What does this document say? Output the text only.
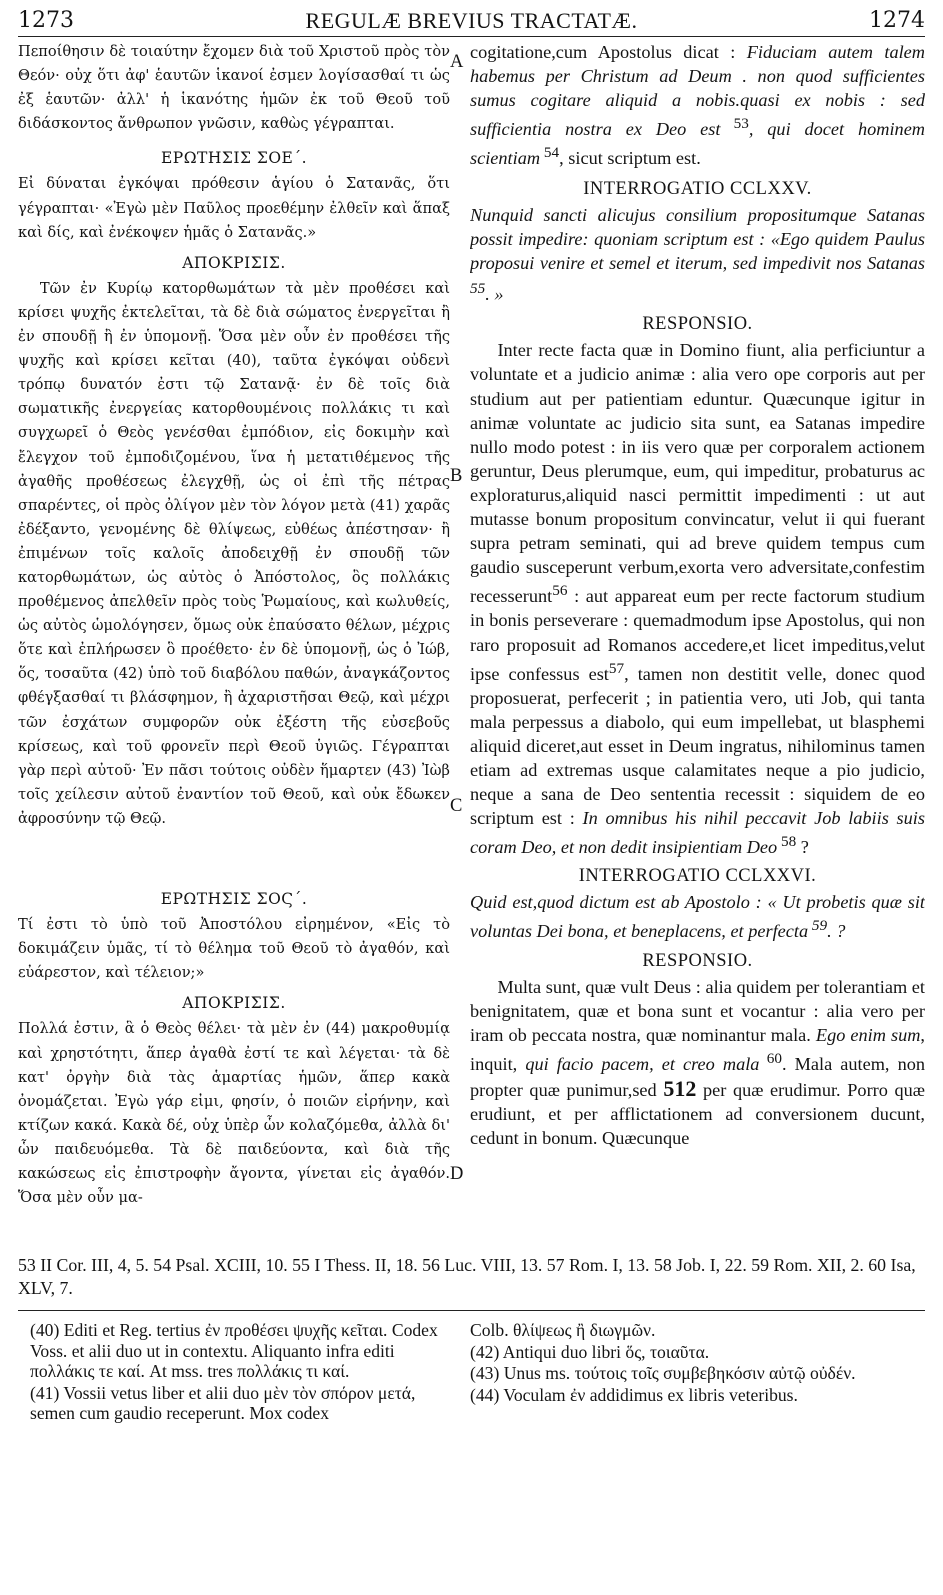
1273	REGULÆ BREVIUS TRACTATÆ.	1274

Πεποίθησιν δὲ τοιαύτην ἔχομεν διὰ τοῦ Χριστοῦ πρὸς τὸν Θεόν· οὐχ ὅτι ἀφ' ἑαυτῶν ἱκανοί ἐσμεν λογίσασθαί τι ὡς ἐξ ἑαυτῶν· ἀλλ' ἡ ἱκανότης ἡμῶν ἐκ τοῦ Θεοῦ τοῦ διδάσκοντος ἄνθρωπον γνῶσιν, καθὼς γέγραπται.

ΕΡΩΤΗΣΙΣ ΣΟΕ΄.

Εἰ δύναται ἐγκόψαι πρόθεσιν ἁγίου ὁ Σατανᾶς, ὅτι γέγραπται· «Ἐγὼ μὲν Παῦλος προεθέμην ἐλθεῖν καὶ ἅπαξ καὶ δίς, καὶ ἐνέκοψεν ἡμᾶς ὁ Σατανᾶς.»

ΑΠΟΚΡΙΣΙΣ.

Τῶν ἐν Κυρίῳ κατορθωμάτων τὰ μὲν προθέσει καὶ κρίσει ψυχῆς ἐκτελεῖται, τὰ δὲ διὰ σώματος ἐνεργεῖται ἢ ἐν σπουδῇ ἢ ἐν ὑπομονῇ. Ὅσα μὲν οὖν ἐν προθέσει τῆς ψυχῆς καὶ κρίσει κεῖται (40), ταῦτα ἐγκόψαι οὐδενὶ τρόπῳ δυνατόν ἐστι τῷ Σατανᾷ· ἐν δὲ τοῖς διὰ σωματικῆς ἐνεργείας κατορθουμένοις πολλάκις τι καὶ συγχωρεῖ ὁ Θεὸς γενέσθαι ἐμπόδιον, εἰς δοκιμὴν καὶ ἔλεγχον τοῦ ἐμποδιζομένου, ἵνα ἡ μετατιθέμενος τῆς ἀγαθῆς προθέσεως ἐλεγχθῇ, ὡς οἱ ἐπὶ τῆς πέτρας σπαρέντες, οἱ πρὸς ὀλίγον μὲν τὸν λόγον μετὰ (41) χαρᾶς ἐδέξαντο, γενομένης δὲ θλίψεως, εὐθέως ἀπέστησαν· ἢ ἐπιμένων τοῖς καλοῖς ἀποδειχθῇ ἐν σπουδῇ τῶν κατορθωμάτων, ὡς αὐτὸς ὁ Ἀπόστολος, ὃς πολλάκις προθέμενος ἀπελθεῖν πρὸς τοὺς Ῥωμαίους, καὶ κωλυθείς, ὡς αὐτὸς ὡμολόγησεν, ὅμως οὐκ ἐπαύσατο θέλων, μέχρις ὅτε καὶ ἐπλήρωσεν ὃ προέθετο· ἐν δὲ ὑπομονῇ, ὡς ὁ Ἰώβ, ὅς, τοσαῦτα (42) ὑπὸ τοῦ διαβόλου παθών, ἀναγκάζοντος φθέγξασθαί τι βλάσφημον, ἢ ἀχαριστῆσαι Θεῷ, καὶ μέχρι τῶν ἐσχάτων συμφορῶν οὐκ ἐξέστη τῆς εὐσεβοῦς κρίσεως, καὶ τοῦ φρονεῖν περὶ Θεοῦ ὑγιῶς. Γέγραπται γὰρ περὶ αὐτοῦ· Ἐν πᾶσι τούτοις οὐδὲν ἥμαρτεν (43) Ἰὼβ τοῖς χείλεσιν αὐτοῦ ἐναντίον τοῦ Θεοῦ, καὶ οὐκ ἔδωκεν ἀφροσύνην τῷ Θεῷ.

ΕΡΩΤΗΣΙΣ ΣΟϚ΄.

Τί ἐστι τὸ ὑπὸ τοῦ Ἀποστόλου εἰρημένον, «Εἰς τὸ δοκιμάζειν ὑμᾶς, τί τὸ θέλημα τοῦ Θεοῦ τὸ ἀγαθόν, καὶ εὐάρεστον, καὶ τέλειον;»

ΑΠΟΚΡΙΣΙΣ.

Πολλά ἐστιν, ἃ ὁ Θεὸς θέλει· τὰ μὲν ἐν (44) μακροθυμίᾳ καὶ χρηστότητι, ἅπερ ἀγαθὰ ἐστί τε καὶ λέγεται· τὰ δὲ κατ' ὀργὴν διὰ τὰς ἁμαρτίας ἡμῶν, ἅπερ κακὰ ὀνομάζεται. Ἐγὼ γάρ εἰμι, φησίν, ὁ ποιῶν εἰρήνην, καὶ κτίζων κακά. Κακὰ δέ, οὐχ ὑπὲρ ὧν κολαζόμεθα, ἀλλὰ δι' ὧν παιδευόμεθα. Τὰ δὲ παιδεύοντα, καὶ διὰ τῆς κακώσεως εἰς ἐπιστροφὴν ἄγοντα, γίνεται εἰς ἀγαθόν. Ὅσα μὲν οὖν μα-

A
B
C
D

cogitatione,cum Apostolus dicat : Fiduciam autem talem habemus per Christum ad Deum . non quod sufficientes sumus cogitare aliquid a nobis.quasi ex nobis : sed sufficientia nostra ex Deo est $^{53}$, qui docet hominem scientiam $^{54}$, sicut scriptum est.

INTERROGATIO CCLXXV.

Nunquid sancti alicujus consilium propositumque Satanas possit impedire: quoniam scriptum est : «Ego quidem Paulus proposui venire et semel et iterum, sed impedivit nos Satanas $^{55}$. »

RESPONSIO.

Inter recte facta quæ in Domino fiunt, alia perficiuntur a voluntate et a judicio animæ : alia vero ope corporis aut per studium aut per patientiam eduntur. Quæcunque igitur in animæ voluntate ac judicio sita sunt, ea Satanas impedire nullo modo potest : in iis vero quæ per corporalem actionem geruntur, Deus plerumque, eum, qui impeditur, probaturus ac exploraturus,aliquid nasci permittit impedimenti : ut aut mutasse bonum propositum convincatur, velut ii qui fuerant supra petram seminati, qui ad breve quidem tempus cum gaudio susceperunt verbum,exorta vero adversitate,confestim recesserunt$^{56}$ : aut appareat eum per recte factorum studium in bonis perseverare : quemadmodum ipse Apostolus, qui non raro proposuit ad Romanos accedere,et licet impeditus,velut ipse confessus est$^{57}$, tamen non destitit velle, donec quod proposuerat, perfecerit ; in patientia vero, uti Job, qui tanta mala perpessus a diabolo, qui eum impellebat, ut blasphemi aliquid diceret,aut esset in Deum ingratus, nihilominus tamen etiam ad extremas usque calamitates neque a pio judicio, neque a sana de Deo sententia recessit : siquidem de eo scriptum est : In omnibus his nihil peccavit Job labiis suis coram Deo, et non dedit insipientiam Deo $^{58}$ ?

INTERROGATIO CCLXXVI.

Quid est,quod dictum est ab Apostolo : « Ut probetis quæ sit voluntas Dei bona, et beneplacens, et perfecta $^{59}$. ?

RESPONSIO.

Multa sunt, quæ vult Deus : alia quidem per tolerantiam et benignitatem, quæ et bona sunt et vocantur : alia vero per iram ob peccata nostra, quæ nominantur mala. Ego enim sum, inquit, qui facio pacem, et creo mala $^{60}$. Mala autem, non propter quæ punimur,sed 512 per quæ erudimur. Porro quæ erudiunt, et per afflictationem ad conversionem ducunt, cedunt in bonum. Quæcunque

53 II Cor. III, 4, 5. 54 Psal. XCIII, 10. 55 I Thess. II, 18. 56 Luc. VIII, 13. 57 Rom. I, 13. 58 Job. I, 22. 59 Rom. XII, 2. 60 Isa, XLV, 7.

(40) Editi et Reg. tertius ἐν προθέσει ψυχῆς κεῖται. Codex Voss. et alii duo ut in contextu. Aliquanto infra editi πολλάκις τε καί. At mss. tres πολλάκις τι καί.

(41) Vossii vetus liber et alii duo μὲν τὸν σπόρον μετά, semen cum gaudio receperunt. Mox codex

Colb. θλίψεως ἢ διωγμῶν.

(42) Antiqui duo libri ὅς, τοιαῦτα.

(43) Unus ms. τούτοις τοῖς συμβεβηκόσιν αὐτῷ οὐδέν.

(44) Voculam ἐν addidimus ex libris veteribus.
